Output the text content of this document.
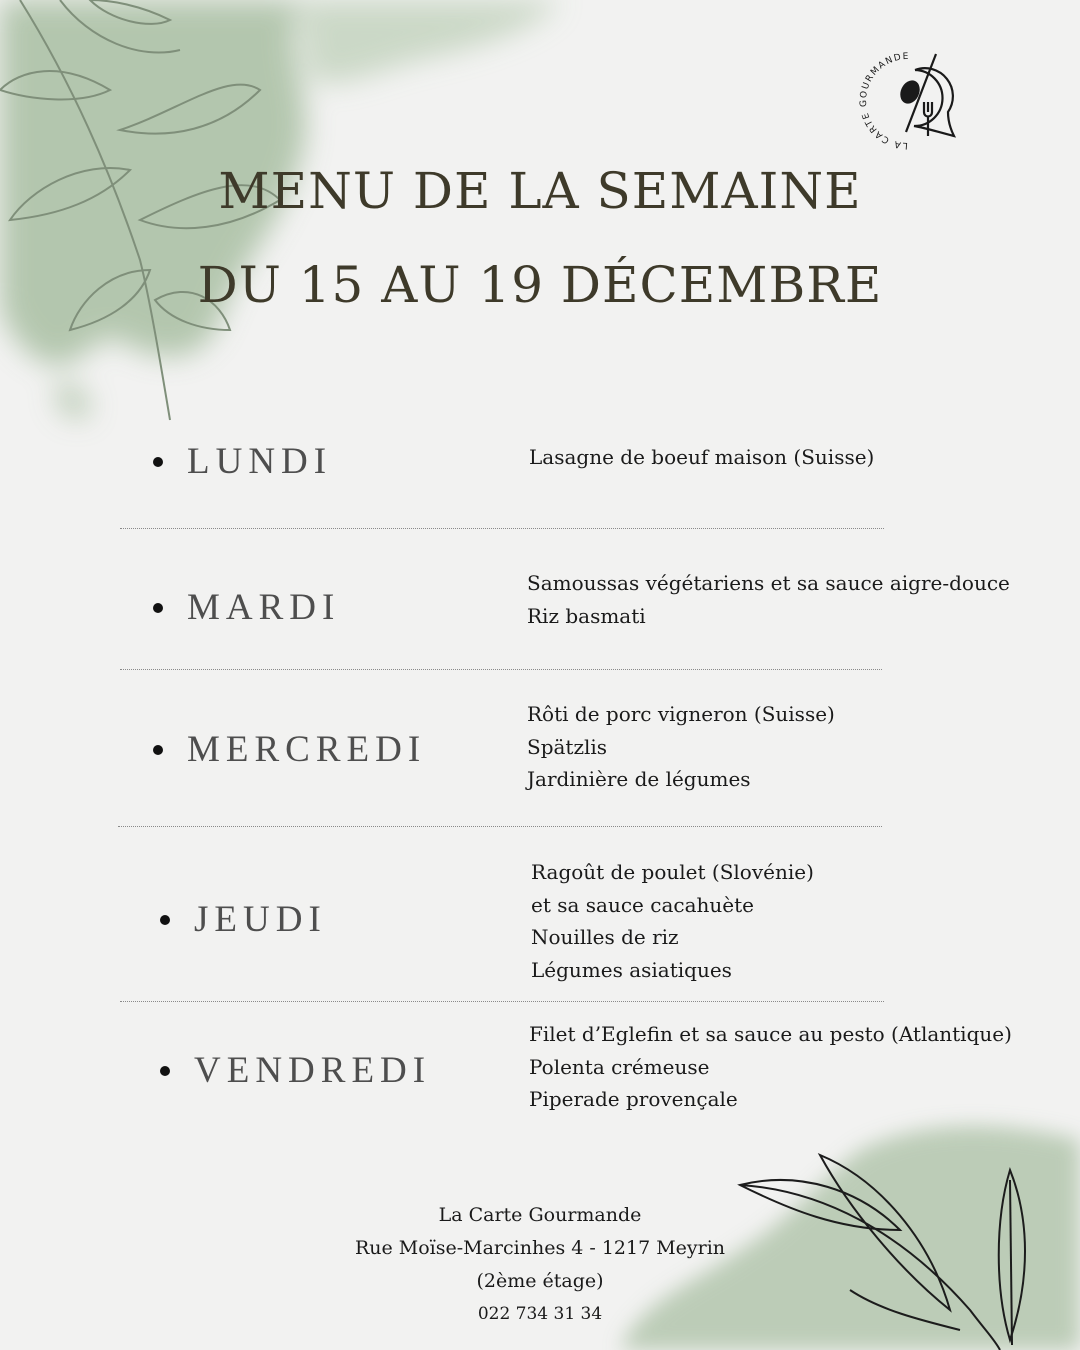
LA CARTE GOURMANDE
MENU DE LA SEMAINE
DU 15 AU 19 DÉCEMBRE
LUNDI	Lasagne de boeuf maison (Suisse)
MARDI
Samoussas végétariens et sa sauce aigre-douce
Riz basmati
MERCREDI
Rôti de porc vigneron (Suisse)
Spätzlis
Jardinière de légumes
JEUDI
Ragoût de poulet (Slovénie)
et sa sauce cacahuète
Nouilles de riz
Légumes asiatiques
VENDREDI
Filet d’Eglefin et sa sauce au pesto (Atlantique)
Polenta crémeuse
Piperade provençale
La Carte Gourmande
Rue Moïse-Marcinhes 4 - 1217 Meyrin
(2ème étage)
022 734 31 34
